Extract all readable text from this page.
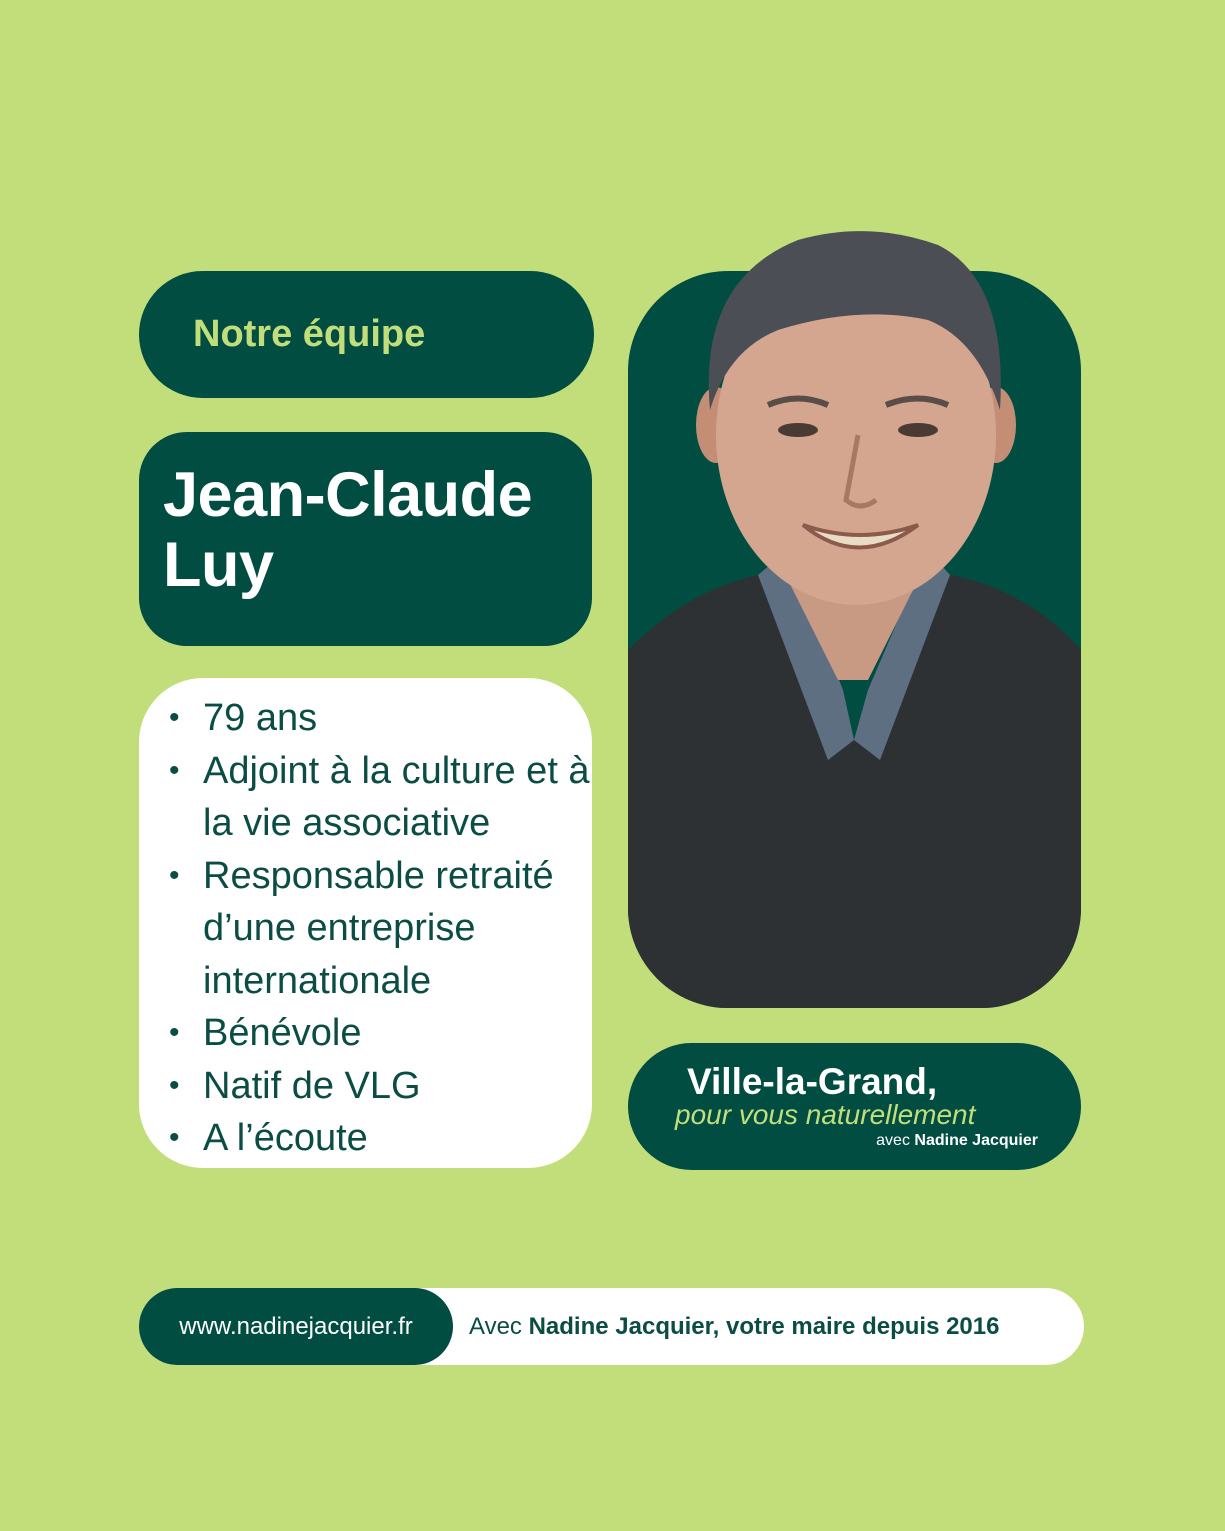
Notre équipe
Jean-Claude
Luy
• 79 ans
• Adjoint à la culture et à la vie associative
• Responsable retraité d’une entreprise internationale
• Bénévole
• Natif de VLG
• A l’écoute
Ville-la-Grand,
pour vous naturellement
avec Nadine Jacquier
www.nadinejacquier.fr	Avec Nadine Jacquier, votre maire depuis 2016
